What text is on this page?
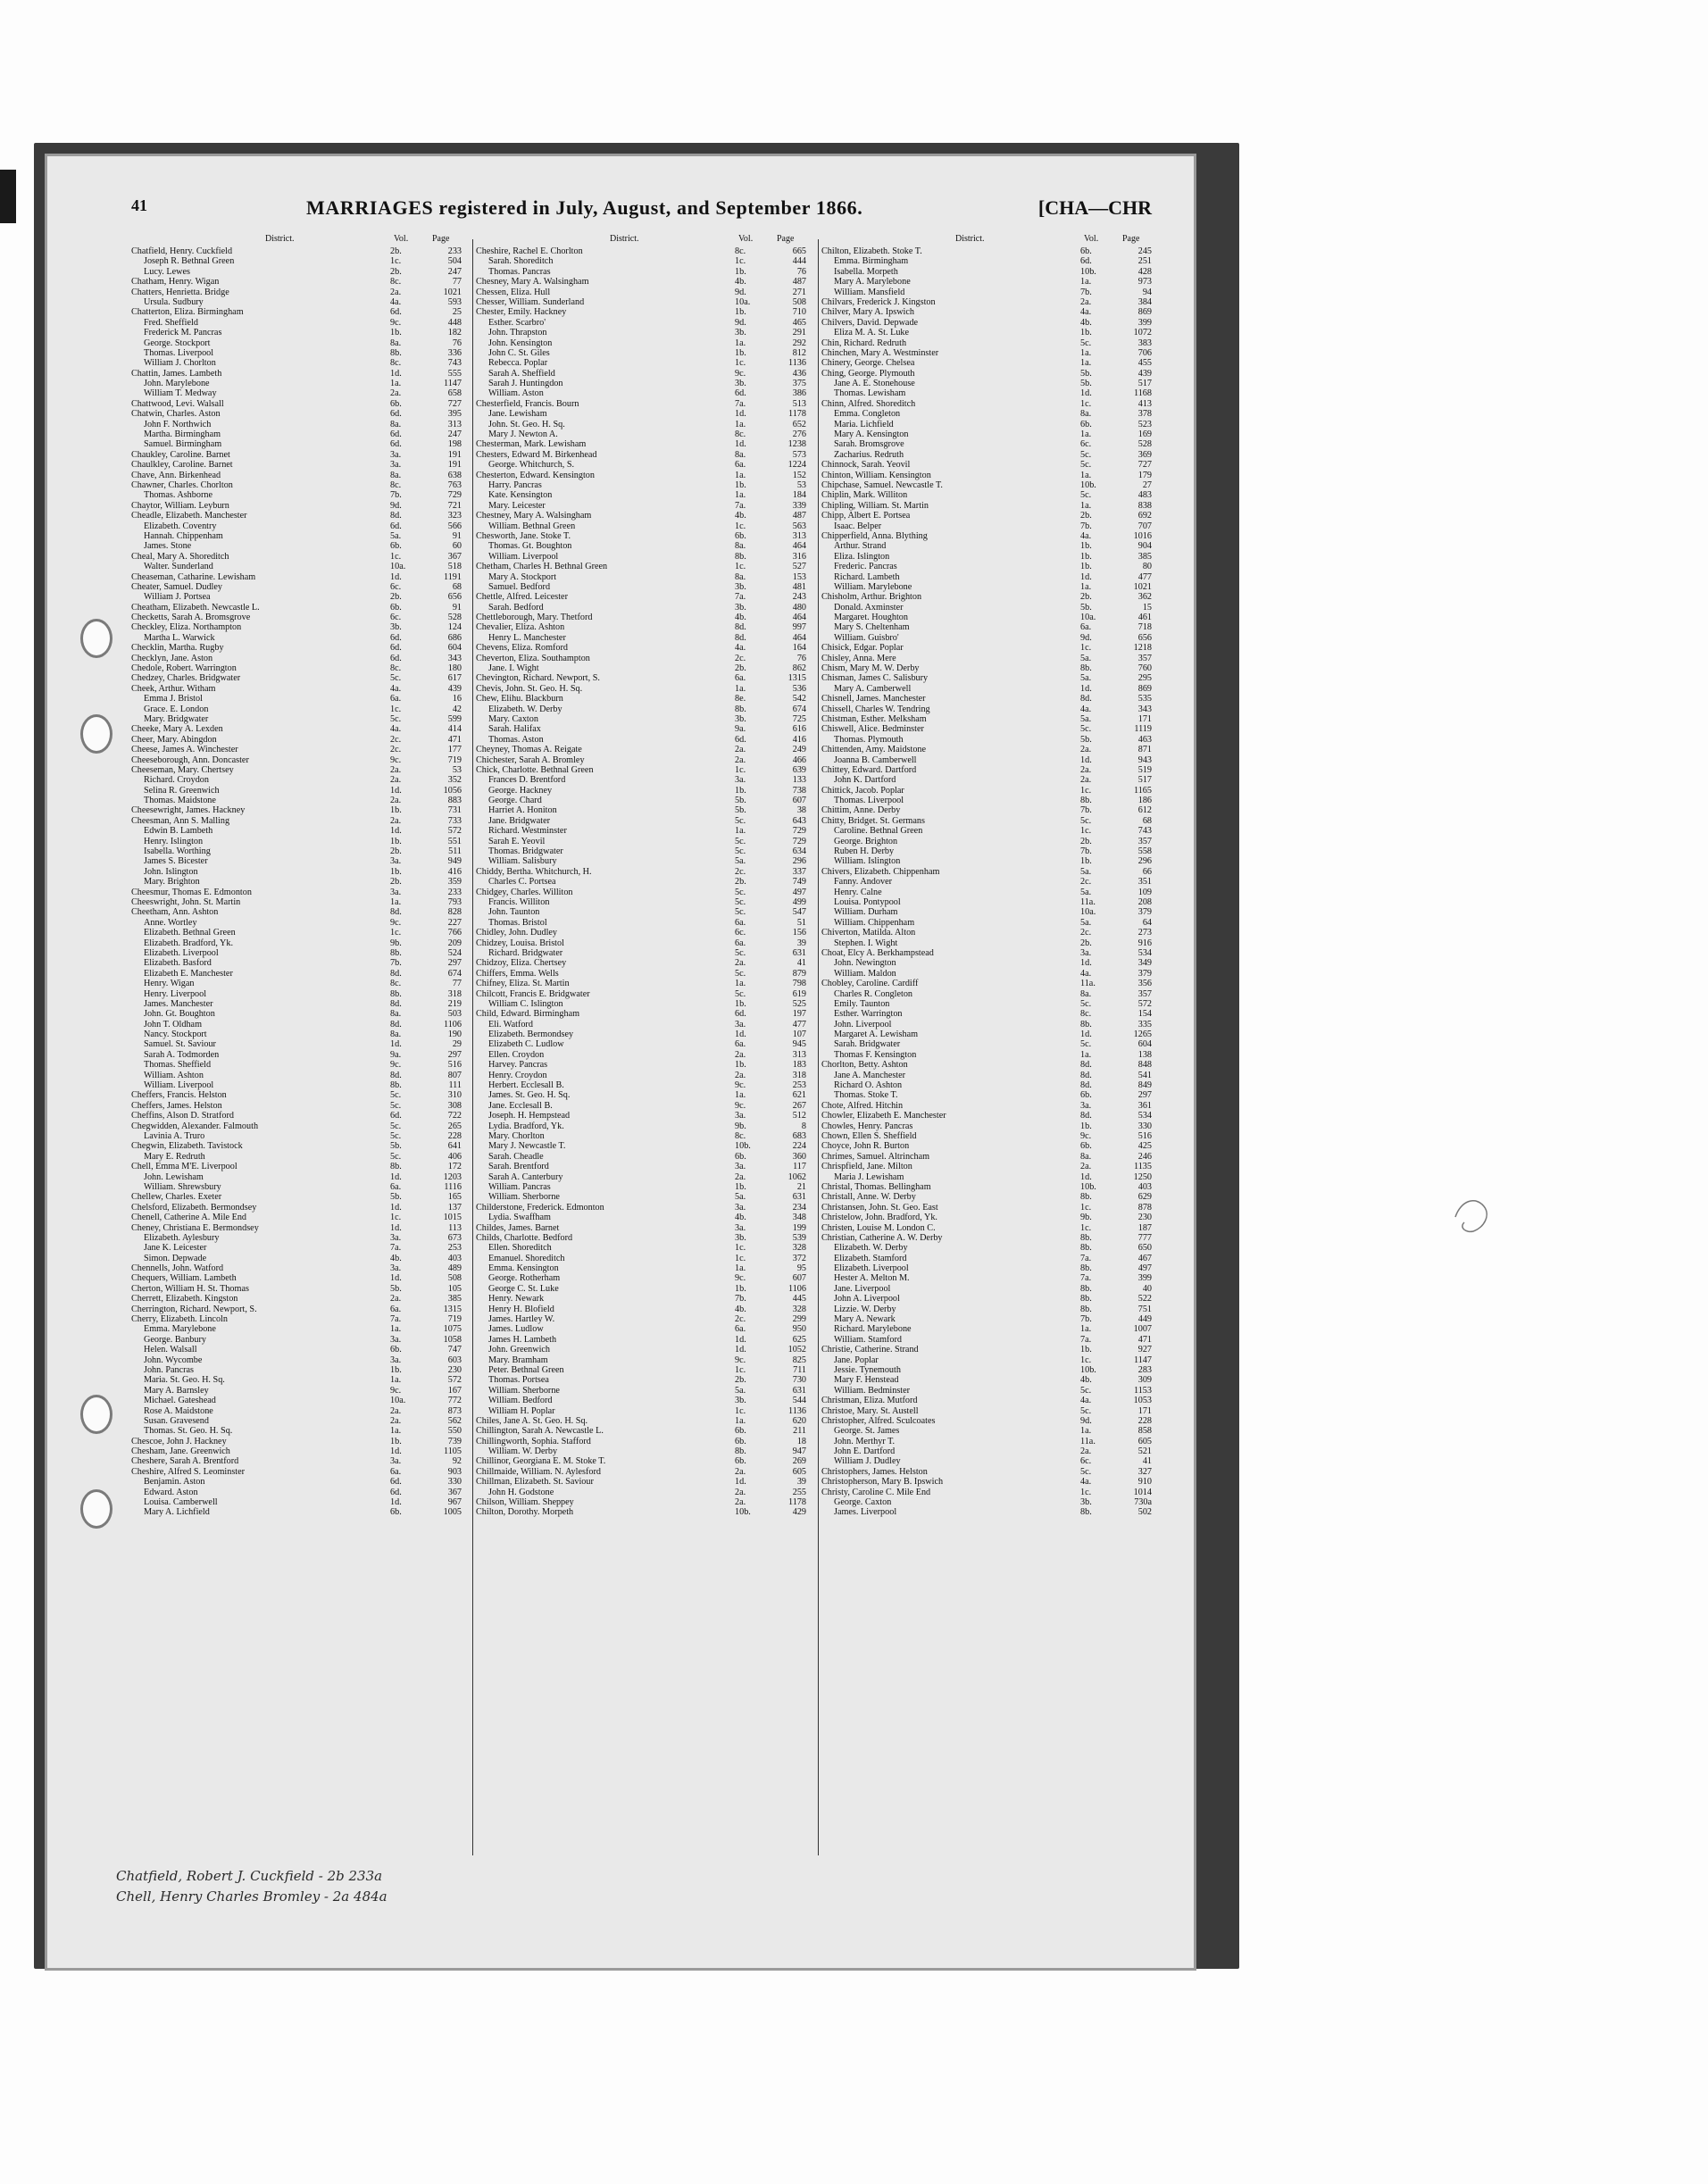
41	MARRIAGES registered in July, August, and September 1866.	[CHA—CHR
District.	Vol.	Page
Chatfield, Henry. Cuckfield	2b.	233
Joseph R. Bethnal Green	1c.	504
Lucy. Lewes	2b.	247
Chatham, Henry. Wigan	8c.	77
Chatters, Henrietta. Bridge	2a.	1021
Ursula. Sudbury	4a.	593
Chatterton, Eliza. Birmingham	6d.	25
Fred. Sheffield	9c.	448
Frederick M. Pancras	1b.	182
George. Stockport	8a.	76
Thomas. Liverpool	8b.	336
William J. Chorlton	8c.	743
Chattin, James. Lambeth	1d.	555
John. Marylebone	1a.	1147
William T. Medway	2a.	658
Chattwood, Levi. Walsall	6b.	727
Chatwin, Charles. Aston	6d.	395
John F. Northwich	8a.	313
Martha. Birmingham	6d.	247
Samuel. Birmingham	6d.	198
Chaukley, Caroline. Barnet	3a.	191
Chaulkley, Caroline. Barnet	3a.	191
Chave, Ann. Birkenhead	8a.	638
Chawner, Charles. Chorlton	8c.	763
Thomas. Ashborne	7b.	729
Chaytor, William. Leyburn	9d.	721
Cheadle, Elizabeth. Manchester	8d.	323
Elizabeth. Coventry	6d.	566
Hannah. Chippenham	5a.	91
James. Stone	6b.	60
Cheal, Mary A. Shoreditch	1c.	367
Walter. Sunderland	10a.	518
Cheaseman, Catharine. Lewisham	1d.	1191
Cheater, Samuel. Dudley	6c.	68
William J. Portsea	2b.	656
Cheatham, Elizabeth. Newcastle L.	6b.	91
Checketts, Sarah A. Bromsgrove	6c.	528
Checkley, Eliza. Northampton	3b.	124
Martha L. Warwick	6d.	686
Checklin, Martha. Rugby	6d.	604
Checklyn, Jane. Aston	6d.	343
Chedole, Robert. Warrington	8c.	180
Chedzey, Charles. Bridgwater	5c.	617
Cheek, Arthur. Witham	4a.	439
Emma J. Bristol	6a.	16
Grace. E. London	1c.	42
Mary. Bridgwater	5c.	599
Cheeke, Mary A. Lexden	4a.	414
Cheer, Mary. Abingdon	2c.	471
Cheese, James A. Winchester	2c.	177
Cheeseborough, Ann. Doncaster	9c.	719
Cheeseman, Mary. Chertsey	2a.	53
Richard. Croydon	2a.	352
Selina R. Greenwich	1d.	1056
Thomas. Maidstone	2a.	883
Cheesewright, James. Hackney	1b.	731
Cheesman, Ann S. Malling	2a.	733
Edwin B. Lambeth	1d.	572
Henry. Islington	1b.	551
Isabella. Worthing	2b.	511
James S. Bicester	3a.	949
John. Islington	1b.	416
Mary. Brighton	2b.	359
Cheesmur, Thomas E. Edmonton	3a.	233
Cheeswright, John. St. Martin	1a.	793
Cheetham, Ann. Ashton	8d.	828
Anne. Wortley	9c.	227
Elizabeth. Bethnal Green	1c.	766
Elizabeth. Bradford, Yk.	9b.	209
Elizabeth. Liverpool	8b.	524
Elizabeth. Basford	7b.	297
Elizabeth E. Manchester	8d.	674
Henry. Wigan	8c.	77
Henry. Liverpool	8b.	318
James. Manchester	8d.	219
John. Gt. Boughton	8a.	503
John T. Oldham	8d.	1106
Nancy. Stockport	8a.	190
Samuel. St. Saviour	1d.	29
Sarah A. Todmorden	9a.	297
Thomas. Sheffield	9c.	516
William. Ashton	8d.	807
William. Liverpool	8b.	111
Cheffers, Francis. Helston	5c.	310
Cheffers, James. Helston	5c.	308
Cheffins, Alson D. Stratford	6d.	722
Chegwidden, Alexander. Falmouth	5c.	265
Lavinia A. Truro	5c.	228
Chegwin, Elizabeth. Tavistock	5b.	641
Mary E. Redruth	5c.	406
Chell, Emma M'E. Liverpool	8b.	172
John. Lewisham	1d.	1203
William. Shrewsbury	6a.	1116
Chellew, Charles. Exeter	5b.	165
Chelsford, Elizabeth. Bermondsey	1d.	137
Chenell, Catherine A. Mile End	1c.	1015
Cheney, Christiana E. Bermondsey	1d.	113
Elizabeth. Aylesbury	3a.	673
Jane K. Leicester	7a.	253
Simon. Depwade	4b.	403
Chennells, John. Watford	3a.	489
Chequers, William. Lambeth	1d.	508
Cherton, William H. St. Thomas	5b.	105
Cherrett, Elizabeth. Kingston	2a.	385
Cherrington, Richard. Newport, S.	6a.	1315
Cherry, Elizabeth. Lincoln	7a.	719
Emma. Marylebone	1a.	1075
George. Banbury	3a.	1058
Helen. Walsall	6b.	747
John. Wycombe	3a.	603
John. Pancras	1b.	230
Maria. St. Geo. H. Sq.	1a.	572
Mary A. Barnsley	9c.	167
Michael. Gateshead	10a.	772
Rose A. Maidstone	2a.	873
Susan. Gravesend	2a.	562
Thomas. St. Geo. H. Sq.	1a.	550
Chescoe, John J. Hackney	1b.	739
Chesham, Jane. Greenwich	1d.	1105
Cheshere, Sarah A. Brentford	3a.	92
Cheshire, Alfred S. Leominster	6a.	903
Benjamin. Aston	6d.	330
Edward. Aston	6d.	367
Louisa. Camberwell	1d.	967
Mary A. Lichfield	6b.	1005
District.	Vol.	Page
Cheshire, Rachel E. Chorlton	8c.	665
Sarah. Shoreditch	1c.	444
Thomas. Pancras	1b.	76
Chesney, Mary A. Walsingham	4b.	487
Chessen, Eliza. Hull	9d.	271
Chesser, William. Sunderland	10a.	508
Chester, Emily. Hackney	1b.	710
Esther. Scarbro'	9d.	465
John. Thrapston	3b.	291
John. Kensington	1a.	292
John C. St. Giles	1b.	812
Rebecca. Poplar	1c.	1136
Sarah A. Sheffield	9c.	436
Sarah J. Huntingdon	3b.	375
William. Aston	6d.	386
Chesterfield, Francis. Bourn	7a.	513
Jane. Lewisham	1d.	1178
John. St. Geo. H. Sq.	1a.	652
Mary J. Newton A.	8c.	276
Chesterman, Mark. Lewisham	1d.	1238
Chesters, Edward M. Birkenhead	8a.	573
George. Whitchurch, S.	6a.	1224
Chesterton, Edward. Kensington	1a.	152
Harry. Pancras	1b.	53
Kate. Kensington	1a.	184
Mary. Leicester	7a.	339
Chestney, Mary A. Walsingham	4b.	487
William. Bethnal Green	1c.	563
Chesworth, Jane. Stoke T.	6b.	313
Thomas. Gt. Boughton	8a.	464
William. Liverpool	8b.	316
Chetham, Charles H. Bethnal Green	1c.	527
Mary A. Stockport	8a.	153
Samuel. Bedford	3b.	481
Chettle, Alfred. Leicester	7a.	243
Sarah. Bedford	3b.	480
Chettleborough, Mary. Thetford	4b.	464
Chevalier, Eliza. Ashton	8d.	997
Henry L. Manchester	8d.	464
Chevens, Eliza. Romford	4a.	164
Cheverton, Eliza. Southampton	2c.	76
Jane. I. Wight	2b.	862
Chevington, Richard. Newport, S.	6a.	1315
Chevis, John. St. Geo. H. Sq.	1a.	536
Chew, Elihu. Blackburn	8e.	542
Elizabeth. W. Derby	8b.	674
Mary. Caxton	3b.	725
Sarah. Halifax	9a.	616
Thomas. Aston	6d.	416
Cheyney, Thomas A. Reigate	2a.	249
Chichester, Sarah A. Bromley	2a.	466
Chick, Charlotte. Bethnal Green	1c.	639
Frances D. Brentford	3a.	133
George. Hackney	1b.	738
George. Chard	5b.	607
Harriet A. Honiton	5b.	38
Jane. Bridgwater	5c.	643
Richard. Westminster	1a.	729
Sarah E. Yeovil	5c.	729
Thomas. Bridgwater	5c.	634
William. Salisbury	5a.	296
Chiddy, Bertha. Whitchurch, H.	2c.	337
Charles C. Portsea	2b.	749
Chidgey, Charles. Williton	5c.	497
Francis. Williton	5c.	499
John. Taunton	5c.	547
Thomas. Bristol	6a.	51
Chidley, John. Dudley	6c.	156
Chidzey, Louisa. Bristol	6a.	39
Richard. Bridgwater	5c.	631
Chidzoy, Eliza. Chertsey	2a.	41
Chiffers, Emma. Wells	5c.	879
Chifney, Eliza. St. Martin	1a.	798
Chilcott, Francis E. Bridgwater	5c.	619
William C. Islington	1b.	525
Child, Edward. Birmingham	6d.	197
Eli. Watford	3a.	477
Elizabeth. Bermondsey	1d.	107
Elizabeth C. Ludlow	6a.	945
Ellen. Croydon	2a.	313
Harvey. Pancras	1b.	183
Henry. Croydon	2a.	318
Herbert. Ecclesall B.	9c.	253
James. St. Geo. H. Sq.	1a.	621
Jane. Ecclesall B.	9c.	267
Joseph. H. Hempstead	3a.	512
Lydia. Bradford, Yk.	9b.	8
Mary. Chorlton	8c.	683
Mary J. Newcastle T.	10b.	224
Sarah. Cheadle	6b.	360
Sarah. Brentford	3a.	117
Sarah A. Canterbury	2a.	1062
William. Pancras	1b.	21
William. Sherborne	5a.	631
Childerstone, Frederick. Edmonton	3a.	234
Lydia. Swaffham	4b.	348
Childes, James. Barnet	3a.	199
Childs, Charlotte. Bedford	3b.	539
Ellen. Shoreditch	1c.	328
Emanuel. Shoreditch	1c.	372
Emma. Kensington	1a.	95
George. Rotherham	9c.	607
George C. St. Luke	1b.	1106
Henry. Newark	7b.	445
Henry H. Blofield	4b.	328
James. Hartley W.	2c.	299
James. Ludlow	6a.	950
James H. Lambeth	1d.	625
John. Greenwich	1d.	1052
Mary. Bramham	9c.	825
Peter. Bethnal Green	1c.	711
Thomas. Portsea	2b.	730
William. Sherborne	5a.	631
William. Bedford	3b.	544
William H. Poplar	1c.	1136
Chiles, Jane A. St. Geo. H. Sq.	1a.	620
Chillington, Sarah A. Newcastle L.	6b.	211
Chillingworth, Sophia. Stafford	6b.	18
William. W. Derby	8b.	947
Chillinor, Georgiana E. M. Stoke T.	6b.	269
Chillmaide, William. N. Aylesford	2a.	605
Chillman, Elizabeth. St. Saviour	1d.	39
John H. Godstone	2a.	255
Chilson, William. Sheppey	2a.	1178
Chilton, Dorothy. Morpeth	10b.	429
District.	Vol.	Page
Chilton, Elizabeth. Stoke T.	6b.	245
Emma. Birmingham	6d.	251
Isabella. Morpeth	10b.	428
Mary A. Marylebone	1a.	973
William. Mansfield	7b.	94
Chilvars, Frederick J. Kingston	2a.	384
Chilver, Mary A. Ipswich	4a.	869
Chilvers, David. Depwade	4b.	399
Eliza M. A. St. Luke	1b.	1072
Chin, Richard. Redruth	5c.	383
Chinchen, Mary A. Westminster	1a.	706
Chinery, George. Chelsea	1a.	455
Ching, George. Plymouth	5b.	439
Jane A. E. Stonehouse	5b.	517
Thomas. Lewisham	1d.	1168
Chinn, Alfred. Shoreditch	1c.	413
Emma. Congleton	8a.	378
Maria. Lichfield	6b.	523
Mary A. Kensington	1a.	169
Sarah. Bromsgrove	6c.	528
Zacharius. Redruth	5c.	369
Chinnock, Sarah. Yeovil	5c.	727
Chinton, William. Kensington	1a.	179
Chipchase, Samuel. Newcastle T.	10b.	27
Chiplin, Mark. Williton	5c.	483
Chipling, William. St. Martin	1a.	838
Chipp, Albert E. Portsea	2b.	692
Isaac. Belper	7b.	707
Chipperfield, Anna. Blything	4a.	1016
Arthur. Strand	1b.	904
Eliza. Islington	1b.	385
Frederic. Pancras	1b.	80
Richard. Lambeth	1d.	477
William. Marylebone	1a.	1021
Chisholm, Arthur. Brighton	2b.	362
Donald. Axminster	5b.	15
Margaret. Houghton	10a.	461
Mary S. Cheltenham	6a.	718
William. Guisbro'	9d.	656
Chisick, Edgar. Poplar	1c.	1218
Chisley, Anna. Mere	5a.	357
Chism, Mary M. W. Derby	8b.	760
Chisman, James C. Salisbury	5a.	295
Mary A. Camberwell	1d.	869
Chisnell, James. Manchester	8d.	535
Chissell, Charles W. Tendring	4a.	343
Chistman, Esther. Melksham	5a.	171
Chiswell, Alice. Bedminster	5c.	1119
Thomas. Plymouth	5b.	463
Chittenden, Amy. Maidstone	2a.	871
Joanna B. Camberwell	1d.	943
Chittey, Edward. Dartford	2a.	519
John K. Dartford	2a.	517
Chittick, Jacob. Poplar	1c.	1165
Thomas. Liverpool	8b.	186
Chittim, Anne. Derby	7b.	612
Chitty, Bridget. St. Germans	5c.	68
Caroline. Bethnal Green	1c.	743
George. Brighton	2b.	357
Ruben H. Derby	7b.	558
William. Islington	1b.	296
Chivers, Elizabeth. Chippenham	5a.	66
Fanny. Andover	2c.	351
Henry. Calne	5a.	109
Louisa. Pontypool	11a.	208
William. Durham	10a.	379
William. Chippenham	5a.	64
Chiverton, Matilda. Alton	2c.	273
Stephen. I. Wight	2b.	916
Choat, Elcy A. Berkhampstead	3a.	534
John. Newington	1d.	349
William. Maldon	4a.	379
Chobley, Caroline. Cardiff	11a.	356
Charles R. Congleton	8a.	357
Emily. Taunton	5c.	572
Esther. Warrington	8c.	154
John. Liverpool	8b.	335
Margaret A. Lewisham	1d.	1265
Sarah. Bridgwater	5c.	604
Thomas F. Kensington	1a.	138
Chorlton, Betty. Ashton	8d.	848
Jane A. Manchester	8d.	541
Richard O. Ashton	8d.	849
Thomas. Stoke T.	6b.	297
Chote, Alfred. Hitchin	3a.	361
Chowler, Elizabeth E. Manchester	8d.	534
Chowles, Henry. Pancras	1b.	330
Chown, Ellen S. Sheffield	9c.	516
Choyce, John R. Burton	6b.	425
Chrimes, Samuel. Altrincham	8a.	246
Chrispfield, Jane. Milton	2a.	1135
Maria J. Lewisham	1d.	1250
Christal, Thomas. Bellingham	10b.	403
Christall, Anne. W. Derby	8b.	629
Christansen, John. St. Geo. East	1c.	878
Christelow, John. Bradford, Yk.	9b.	230
Christen, Louise M. London C.	1c.	187
Christian, Catherine A. W. Derby	8b.	777
Elizabeth. W. Derby	8b.	650
Elizabeth. Stamford	7a.	467
Elizabeth. Liverpool	8b.	497
Hester A. Melton M.	7a.	399
Jane. Liverpool	8b.	40
John A. Liverpool	8b.	522
Lizzie. W. Derby	8b.	751
Mary A. Newark	7b.	449
Richard. Marylebone	1a.	1007
William. Stamford	7a.	471
Christie, Catherine. Strand	1b.	927
Jane. Poplar	1c.	1147
Jessie. Tynemouth	10b.	283
Mary F. Henstead	4b.	309
William. Bedminster	5c.	1153
Christman, Eliza. Mutford	4a.	1053
Christoe, Mary. St. Austell	5c.	171
Christopher, Alfred. Sculcoates	9d.	228
George. St. James	1a.	858
John. Merthyr T.	11a.	605
John E. Dartford	2a.	521
William J. Dudley	6c.	41
Christophers, James. Helston	5c.	327
Christopherson, Mary B. Ipswich	4a.	910
Christy, Caroline C. Mile End	1c.	1014
George. Caxton	3b.	730a
James. Liverpool	8b.	502
Chatfield, Robert J. Cuckfield - 2b 233a
Chell, Henry Charles Bromley - 2a 484a
